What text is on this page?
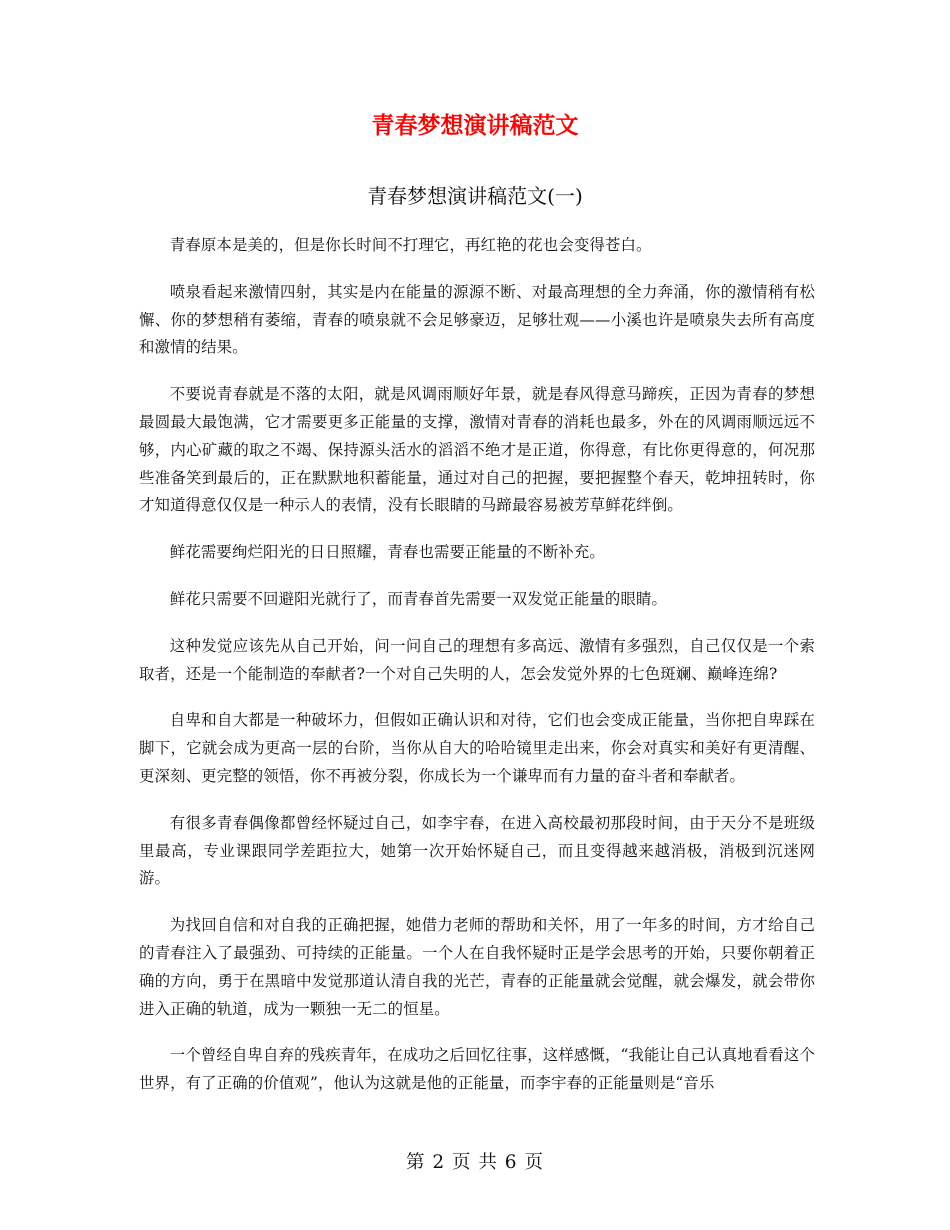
青春梦想演讲稿范文
青春梦想演讲稿范文(一)

青春原本是美的，但是你长时间不打理它，再红艳的花也会变得苍白。

喷泉看起来激情四射，其实是内在能量的源源不断、对最高理想的全力奔涌，你的激情稍有松懈、你的梦想稍有萎缩，青春的喷泉就不会足够豪迈，足够壮观——小溪也许是喷泉失去所有高度和激情的结果。

不要说青春就是不落的太阳，就是风调雨顺好年景，就是春风得意马蹄疾，正因为青春的梦想最圆最大最饱满，它才需要更多正能量的支撑，激情对青春的消耗也最多，外在的风调雨顺远远不够，内心矿藏的取之不竭、保持源头活水的滔滔不绝才是正道，你得意，有比你更得意的，何况那些准备笑到最后的，正在默默地积蓄能量，通过对自己的把握，要把握整个春天，乾坤扭转时，你才知道得意仅仅是一种示人的表情，没有长眼睛的马蹄最容易被芳草鲜花绊倒。

鲜花需要绚烂阳光的日日照耀，青春也需要正能量的不断补充。

鲜花只需要不回避阳光就行了，而青春首先需要一双发觉正能量的眼睛。

这种发觉应该先从自己开始，问一问自己的理想有多高远、激情有多强烈，自己仅仅是一个索取者，还是一个能制造的奉献者?一个对自己失明的人，怎会发觉外界的七色斑斓、巅峰连绵?

自卑和自大都是一种破坏力，但假如正确认识和对待，它们也会变成正能量，当你把自卑踩在脚下，它就会成为更高一层的台阶，当你从自大的哈哈镜里走出来，你会对真实和美好有更清醒、更深刻、更完整的领悟，你不再被分裂，你成长为一个谦卑而有力量的奋斗者和奉献者。

有很多青春偶像都曾经怀疑过自己，如李宇春，在进入高校最初那段时间，由于天分不是班级里最高，专业课跟同学差距拉大，她第一次开始怀疑自己，而且变得越来越消极，消极到沉迷网游。

为找回自信和对自我的正确把握，她借力老师的帮助和关怀，用了一年多的时间，方才给自己的青春注入了最强劲、可持续的正能量。一个人在自我怀疑时正是学会思考的开始，只要你朝着正确的方向，勇于在黑暗中发觉那道认清自我的光芒，青春的正能量就会觉醒，就会爆发，就会带你进入正确的轨道，成为一颗独一无二的恒星。

一个曾经自卑自弃的残疾青年，在成功之后回忆往事，这样感慨，“我能让自己认真地看看这个世界，有了正确的价值观”，他认为这就是他的正能量，而李宇春的正能量则是“音乐

第 2 页 共 6 页
